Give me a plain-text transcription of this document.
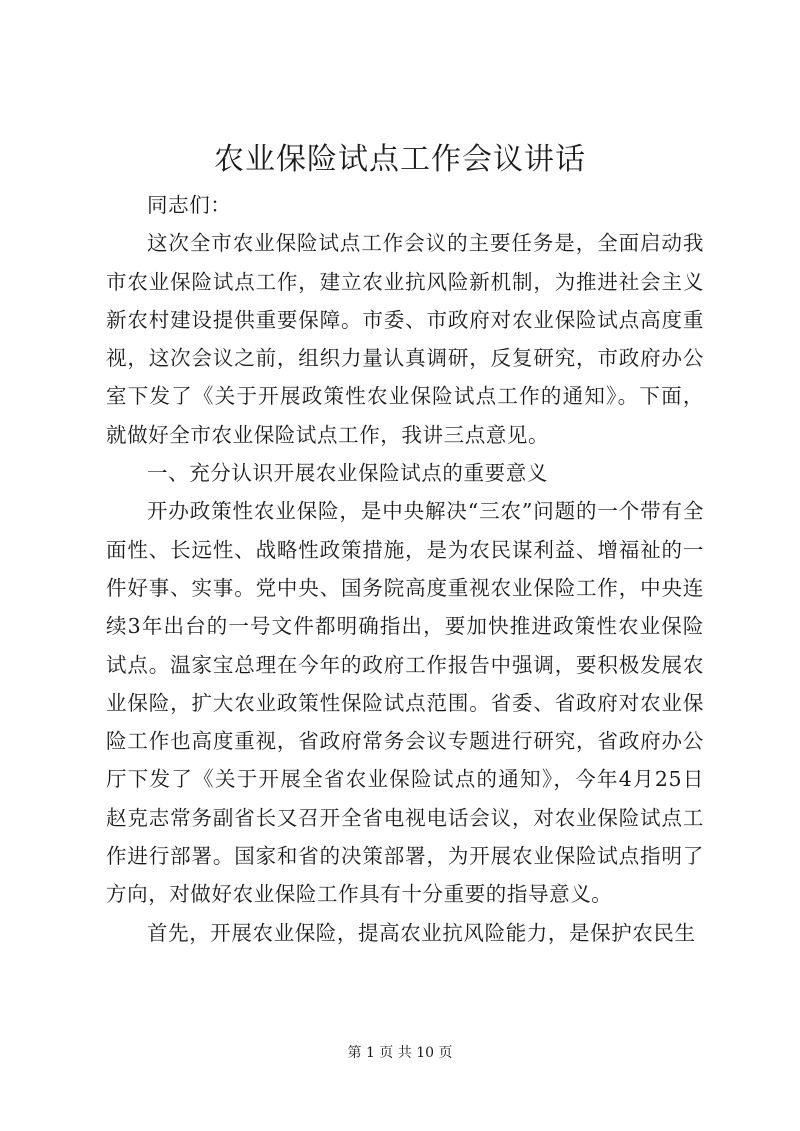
农业保险试点工作会议讲话

同志们：

这次全市农业保险试点工作会议的主要任务是，全面启动我市农业保险试点工作，建立农业抗风险新机制，为推进社会主义新农村建设提供重要保障。市委、市政府对农业保险试点高度重视，这次会议之前，组织力量认真调研，反复研究，市政府办公室下发了《关于开展政策性农业保险试点工作的通知》。下面，就做好全市农业保险试点工作，我讲三点意见。

一、充分认识开展农业保险试点的重要意义

开办政策性农业保险，是中央解决“三农”问题的一个带有全面性、长远性、战略性政策措施，是为农民谋利益、增福祉的一件好事、实事。党中央、国务院高度重视农业保险工作，中央连续3年出台的一号文件都明确指出，要加快推进政策性农业保险试点。温家宝总理在今年的政府工作报告中强调，要积极发展农业保险，扩大农业政策性保险试点范围。省委、省政府对农业保险工作也高度重视，省政府常务会议专题进行研究，省政府办公厅下发了《关于开展全省农业保险试点的通知》，今年4月25日赵克志常务副省长又召开全省电视电话会议，对农业保险试点工作进行部署。国家和省的决策部署，为开展农业保险试点指明了方向，对做好农业保险工作具有十分重要的指导意义。

首先，开展农业保险，提高农业抗风险能力，是保护农民生

第 1 页 共 10 页
